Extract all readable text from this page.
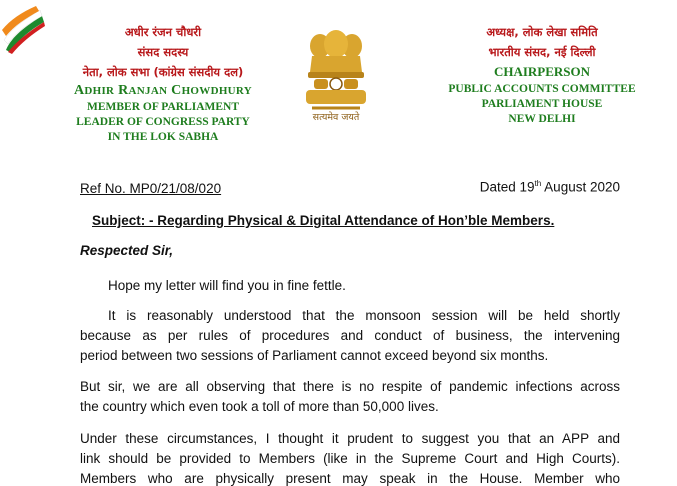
अधीर रंजन चौधरी
संसद सदस्य
नेता, लोक सभा (कांग्रेस संसदीय दल)
ADHIR RANJAN CHOWDHURY
MEMBER OF PARLIAMENT
LEADER OF CONGRESS PARTY
IN THE LOK SABHA
सत्यमेव जयते
अध्यक्ष, लोक लेखा समिति
भारतीय संसद, नई दिल्ली
CHAIRPERSON
PUBLIC ACCOUNTS COMMITTEE
PARLIAMENT HOUSE
NEW DELHI
Ref No. MP0/21/08/020	Dated 19th August 2020
Subject: - Regarding Physical & Digital Attendance of Hon’ble Members.
Respected Sir,
Hope my letter will find you in fine fettle.
It is reasonably understood that the monsoon session will be held shortly
because as per rules of procedures and conduct of business, the intervening
period between two sessions of Parliament cannot exceed beyond six months.
But sir, we are all observing that there is no respite of pandemic infections across
the country which even took a toll of more than 50,000 lives.
Under these circumstances, I thought it prudent to suggest you that an APP and
link should be provided to Members (like in the Supreme Court and High Courts).
Members who are physically present may speak in the House. Member who
